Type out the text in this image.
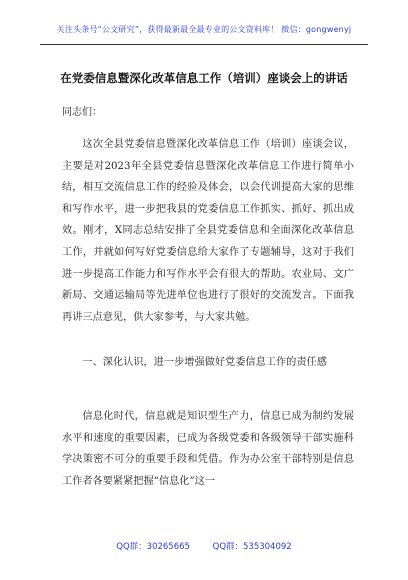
关注头条号“公文研究”，获得最新最全最专业的公文资料库！ 微信：gongwenyj
在党委信息暨深化改革信息工作（培训）座谈会上的讲话
同志们：
这次全县党委信息暨深化改革信息工作（培训）座谈会议，主要是对2023年全县党委信息暨深化改革信息工作进行简单小结，相互交流信息工作的经验及体会，以会代训提高大家的思维和写作水平，进一步把我县的党委信息工作抓实、抓好、抓出成效。刚才，X同志总结安排了全县党委信息和全面深化改革信息工作，并就如何写好党委信息给大家作了专题辅导，这对于我们进一步提高工作能力和写作水平会有很大的帮助。农业局、文广新局、交通运输局等先进单位也进行了很好的交流发言。下面我再讲三点意见，供大家参考，与大家共勉。
一、深化认识，进一步增强做好党委信息工作的责任感
信息化时代，信息就是知识型生产力，信息已成为制约发展水平和速度的重要因素，已成为各级党委和各级领导干部实施科学决策密不可分的重要手段和凭借。作为办公室干部特别是信息工作者各要紧紧把握“信息化”这一
QQ群：30265665	QQ群：535304092
